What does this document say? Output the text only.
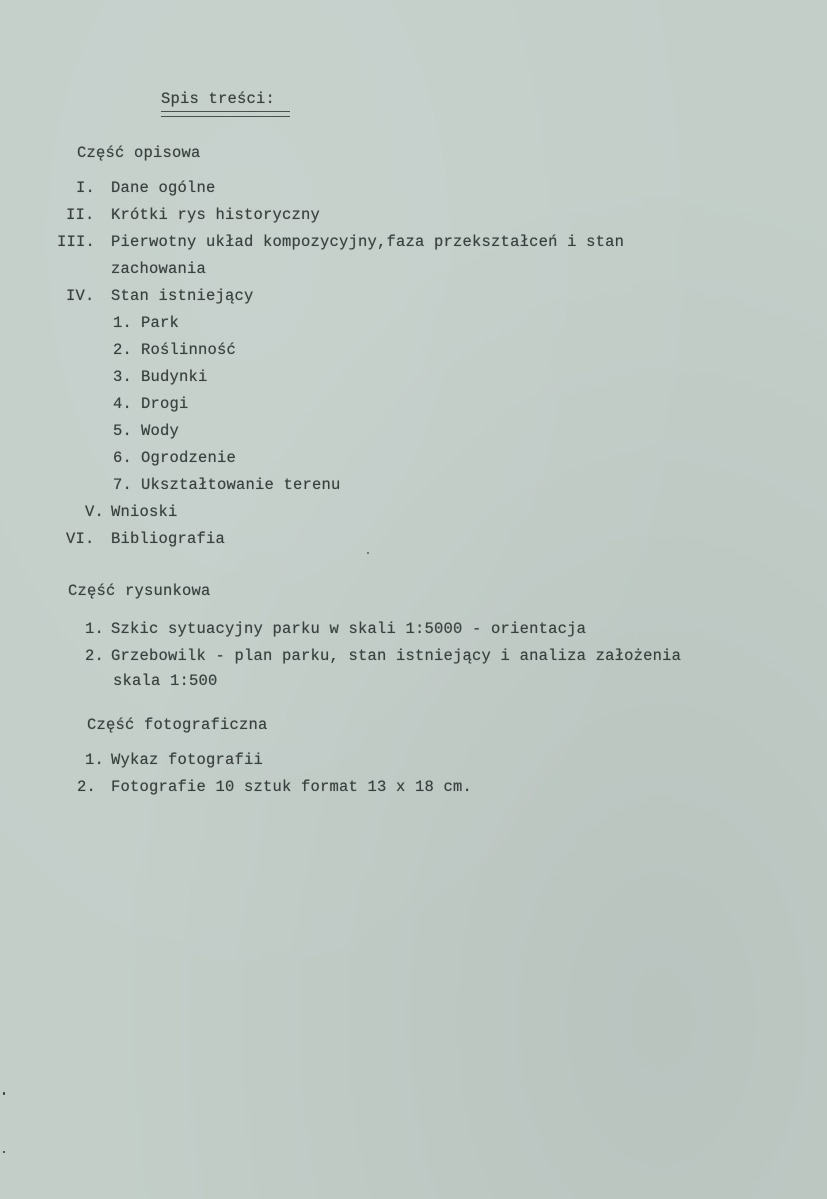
Spis treści:
Część opisowa
I. Dane ogólne
II. Krótki rys historyczny
III. Pierwotny układ kompozycyjny,faza przekształceń i stan
zachowania
IV. Stan istniejący
1. Park
2. Roślinność
3. Budynki
4. Drogi
5. Wody
6. Ogrodzenie
7. Ukształtowanie terenu
V. Wnioski
VI. Bibliografia
Część rysunkowa
1. Szkic sytuacyjny parku w skali 1:5000 - orientacja
2. Grzebowilk - plan parku, stan istniejący i analiza założenia
skala 1:500
Część fotograficzna
1. Wykaz fotografii
2. Fotografie 10 sztuk format 13 x 18 cm.
